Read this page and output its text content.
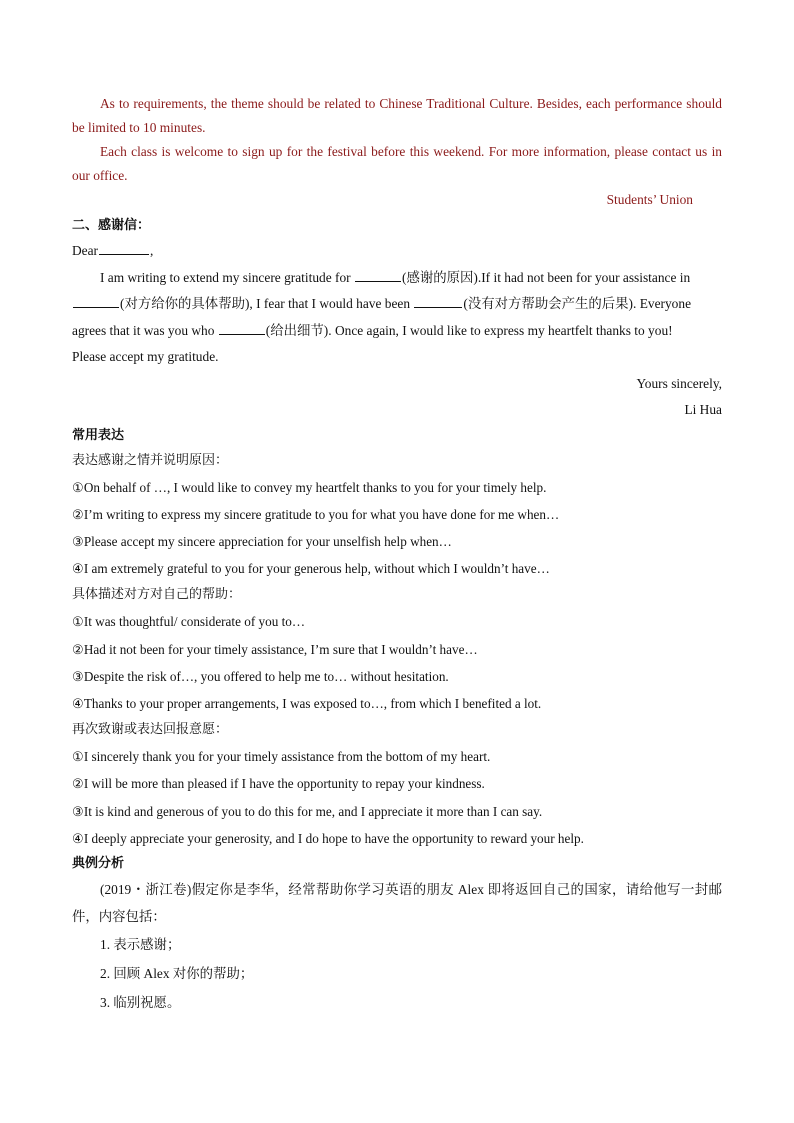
As to requirements, the theme should be related to Chinese Traditional Culture. Besides, each performance should be limited to 10 minutes.

Each class is welcome to sign up for the festival before this weekend. For more information, please contact us in our office.

Students’ Union

二、感谢信：

Dear	,

I am writing to extend my sincere gratitude for	(感谢的原因).If it had not been for your assistance in

(对方给你的具体帮助), I fear that I would have been	(没有对方帮助会产生的后果). Everyone

agrees that it was you who	(给出细节). Once again, I would like to express my heartfelt thanks to you!

Please accept my gratitude.

Yours sincerely,

Li Hua

常用表达

表达感谢之情并说明原因：

①On behalf of …, I would like to convey my heartfelt thanks to you for your timely help.

②I’m writing to express my sincere gratitude to you for what you have done for me when…

③Please accept my sincere appreciation for your unselfish help when…

④I am extremely grateful to you for your generous help, without which I wouldn’t have…

具体描述对方对自己的帮助：

①It was thoughtful/ considerate of you to…

②Had it not been for your timely assistance, I’m sure that I wouldn’t have…

③Despite the risk of…, you offered to help me to… without hesitation.

④Thanks to your proper arrangements, I was exposed to…, from which I benefited a lot.

再次致谢或表达回报意愿：

①I sincerely thank you for your timely assistance from the bottom of my heart.

②I will be more than pleased if I have the opportunity to repay your kindness.

③It is kind and generous of you to do this for me, and I appreciate it more than I can say.

④I deeply appreciate your generosity, and I do hope to have the opportunity to reward your help.

典例分析

(2019・浙江卷)假定你是李华，经常帮助你学习英语的朋友 Alex 即将返回自己的国家，请给他写一封邮件，内容包括：

1. 表示感谢；

2. 回顾 Alex 对你的帮助；

3. 临别祝愿。
